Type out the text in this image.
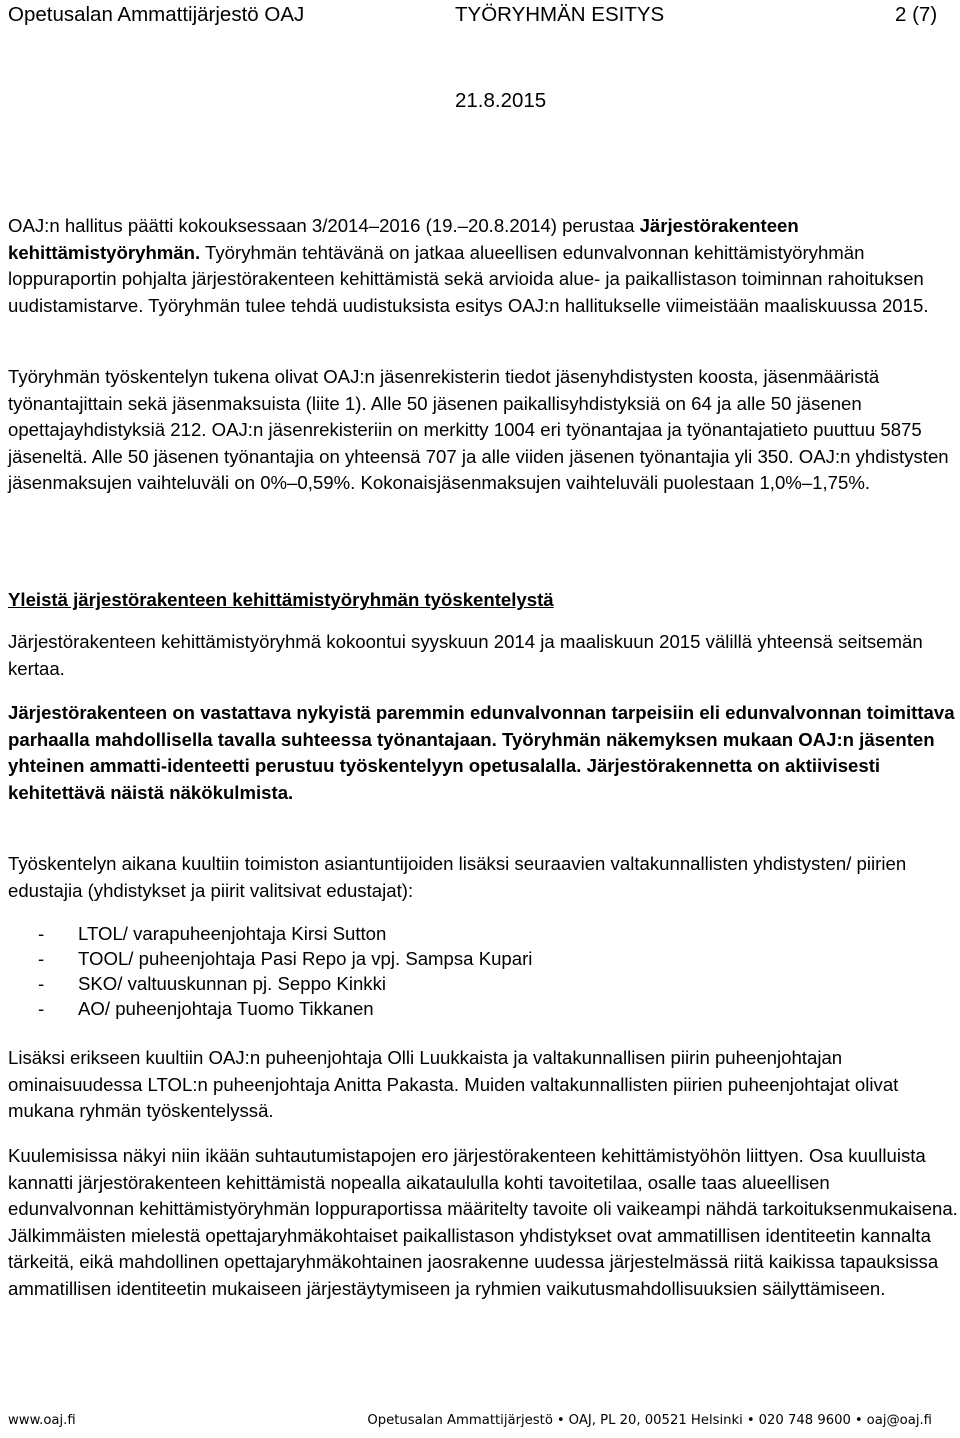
Opetusalan Ammattijärjestö OAJ	TYÖRYHMÄN ESITYS	2 (7)
21.8.2015

OAJ:n hallitus päätti kokouksessaan 3/2014–2016 (19.–20.8.2014) perustaa Järjestörakenteen kehittämistyöryhmän. Työryhmän tehtävänä on jatkaa alueellisen edunvalvonnan kehittämistyöryhmän loppuraportin pohjalta järjestörakenteen kehittämistä sekä arvioida alue- ja paikallistason toiminnan rahoituksen uudistamistarve. Työryhmän tulee tehdä uudistuksista esitys OAJ:n hallitukselle viimeistään maaliskuussa 2015.

Työryhmän työskentelyn tukena olivat OAJ:n jäsenrekisterin tiedot jäsenyhdistysten koosta, jäsenmääristä työnantajittain sekä jäsenmaksuista (liite 1). Alle 50 jäsenen paikallisyhdistyksiä on 64 ja alle 50 jäsenen opettajayhdistyksiä 212. OAJ:n jäsenrekisteriin on merkitty 1004 eri työnantajaa ja työnantajatieto puuttuu 5875 jäseneltä. Alle 50 jäsenen työnantajia on yhteensä 707 ja alle viiden jäsenen työnantajia yli 350. OAJ:n yhdistysten jäsenmaksujen vaihteluväli on 0%–0,59%. Kokonaisjäsenmaksujen vaihteluväli puolestaan 1,0%–1,75%.

Yleistä järjestörakenteen kehittämistyöryhmän työskentelystä

Järjestörakenteen kehittämistyöryhmä kokoontui syyskuun 2014 ja maaliskuun 2015 välillä yhteensä seitsemän kertaa.

Järjestörakenteen on vastattava nykyistä paremmin edunvalvonnan tarpeisiin eli edunvalvonnan toimittava parhaalla mahdollisella tavalla suhteessa työnantajaan. Työryhmän näkemyksen mukaan OAJ:n jäsenten yhteinen ammatti-identeetti perustuu työskentelyyn opetusalalla. Järjestörakennetta on aktiivisesti kehitettävä näistä näkökulmista.

Työskentelyn aikana kuultiin toimiston asiantuntijoiden lisäksi seuraavien valtakunnallisten yhdistysten/ piirien edustajia (yhdistykset ja piirit valitsivat edustajat):

-	LTOL/ varapuheenjohtaja Kirsi Sutton
-	TOOL/ puheenjohtaja Pasi Repo ja vpj. Sampsa Kupari
-	SKO/ valtuuskunnan pj. Seppo Kinkki
-	AO/ puheenjohtaja Tuomo Tikkanen

Lisäksi erikseen kuultiin OAJ:n puheenjohtaja Olli Luukkaista ja valtakunnallisen piirin puheenjohtajan ominaisuudessa LTOL:n puheenjohtaja Anitta Pakasta. Muiden valtakunnallisten piirien puheenjohtajat olivat mukana ryhmän työskentelyssä.

Kuulemisissa näkyi niin ikään suhtautumistapojen ero järjestörakenteen kehittämistyöhön liittyen. Osa kuulluista kannatti järjestörakenteen kehittämistä nopealla aikataululla kohti tavoitetilaa, osalle taas alueellisen edunvalvonnan kehittämistyöryhmän loppuraportissa määritelty tavoite oli vaikeampi nähdä tarkoituksenmukaisena. Jälkimmäisten mielestä opettajaryhmäkohtaiset paikallistason yhdistykset ovat ammatillisen identiteetin kannalta tärkeitä, eikä mahdollinen opettajaryhmäkohtainen jaosrakenne uudessa järjestelmässä riitä kaikissa tapauksissa ammatillisen identiteetin mukaiseen järjestäytymiseen ja ryhmien vaikutusmahdollisuuksien säilyttämiseen.

www.oaj.fi	Opetusalan Ammattijärjestö • OAJ, PL 20, 00521 Helsinki • 020 748 9600 • oaj@oaj.fi
